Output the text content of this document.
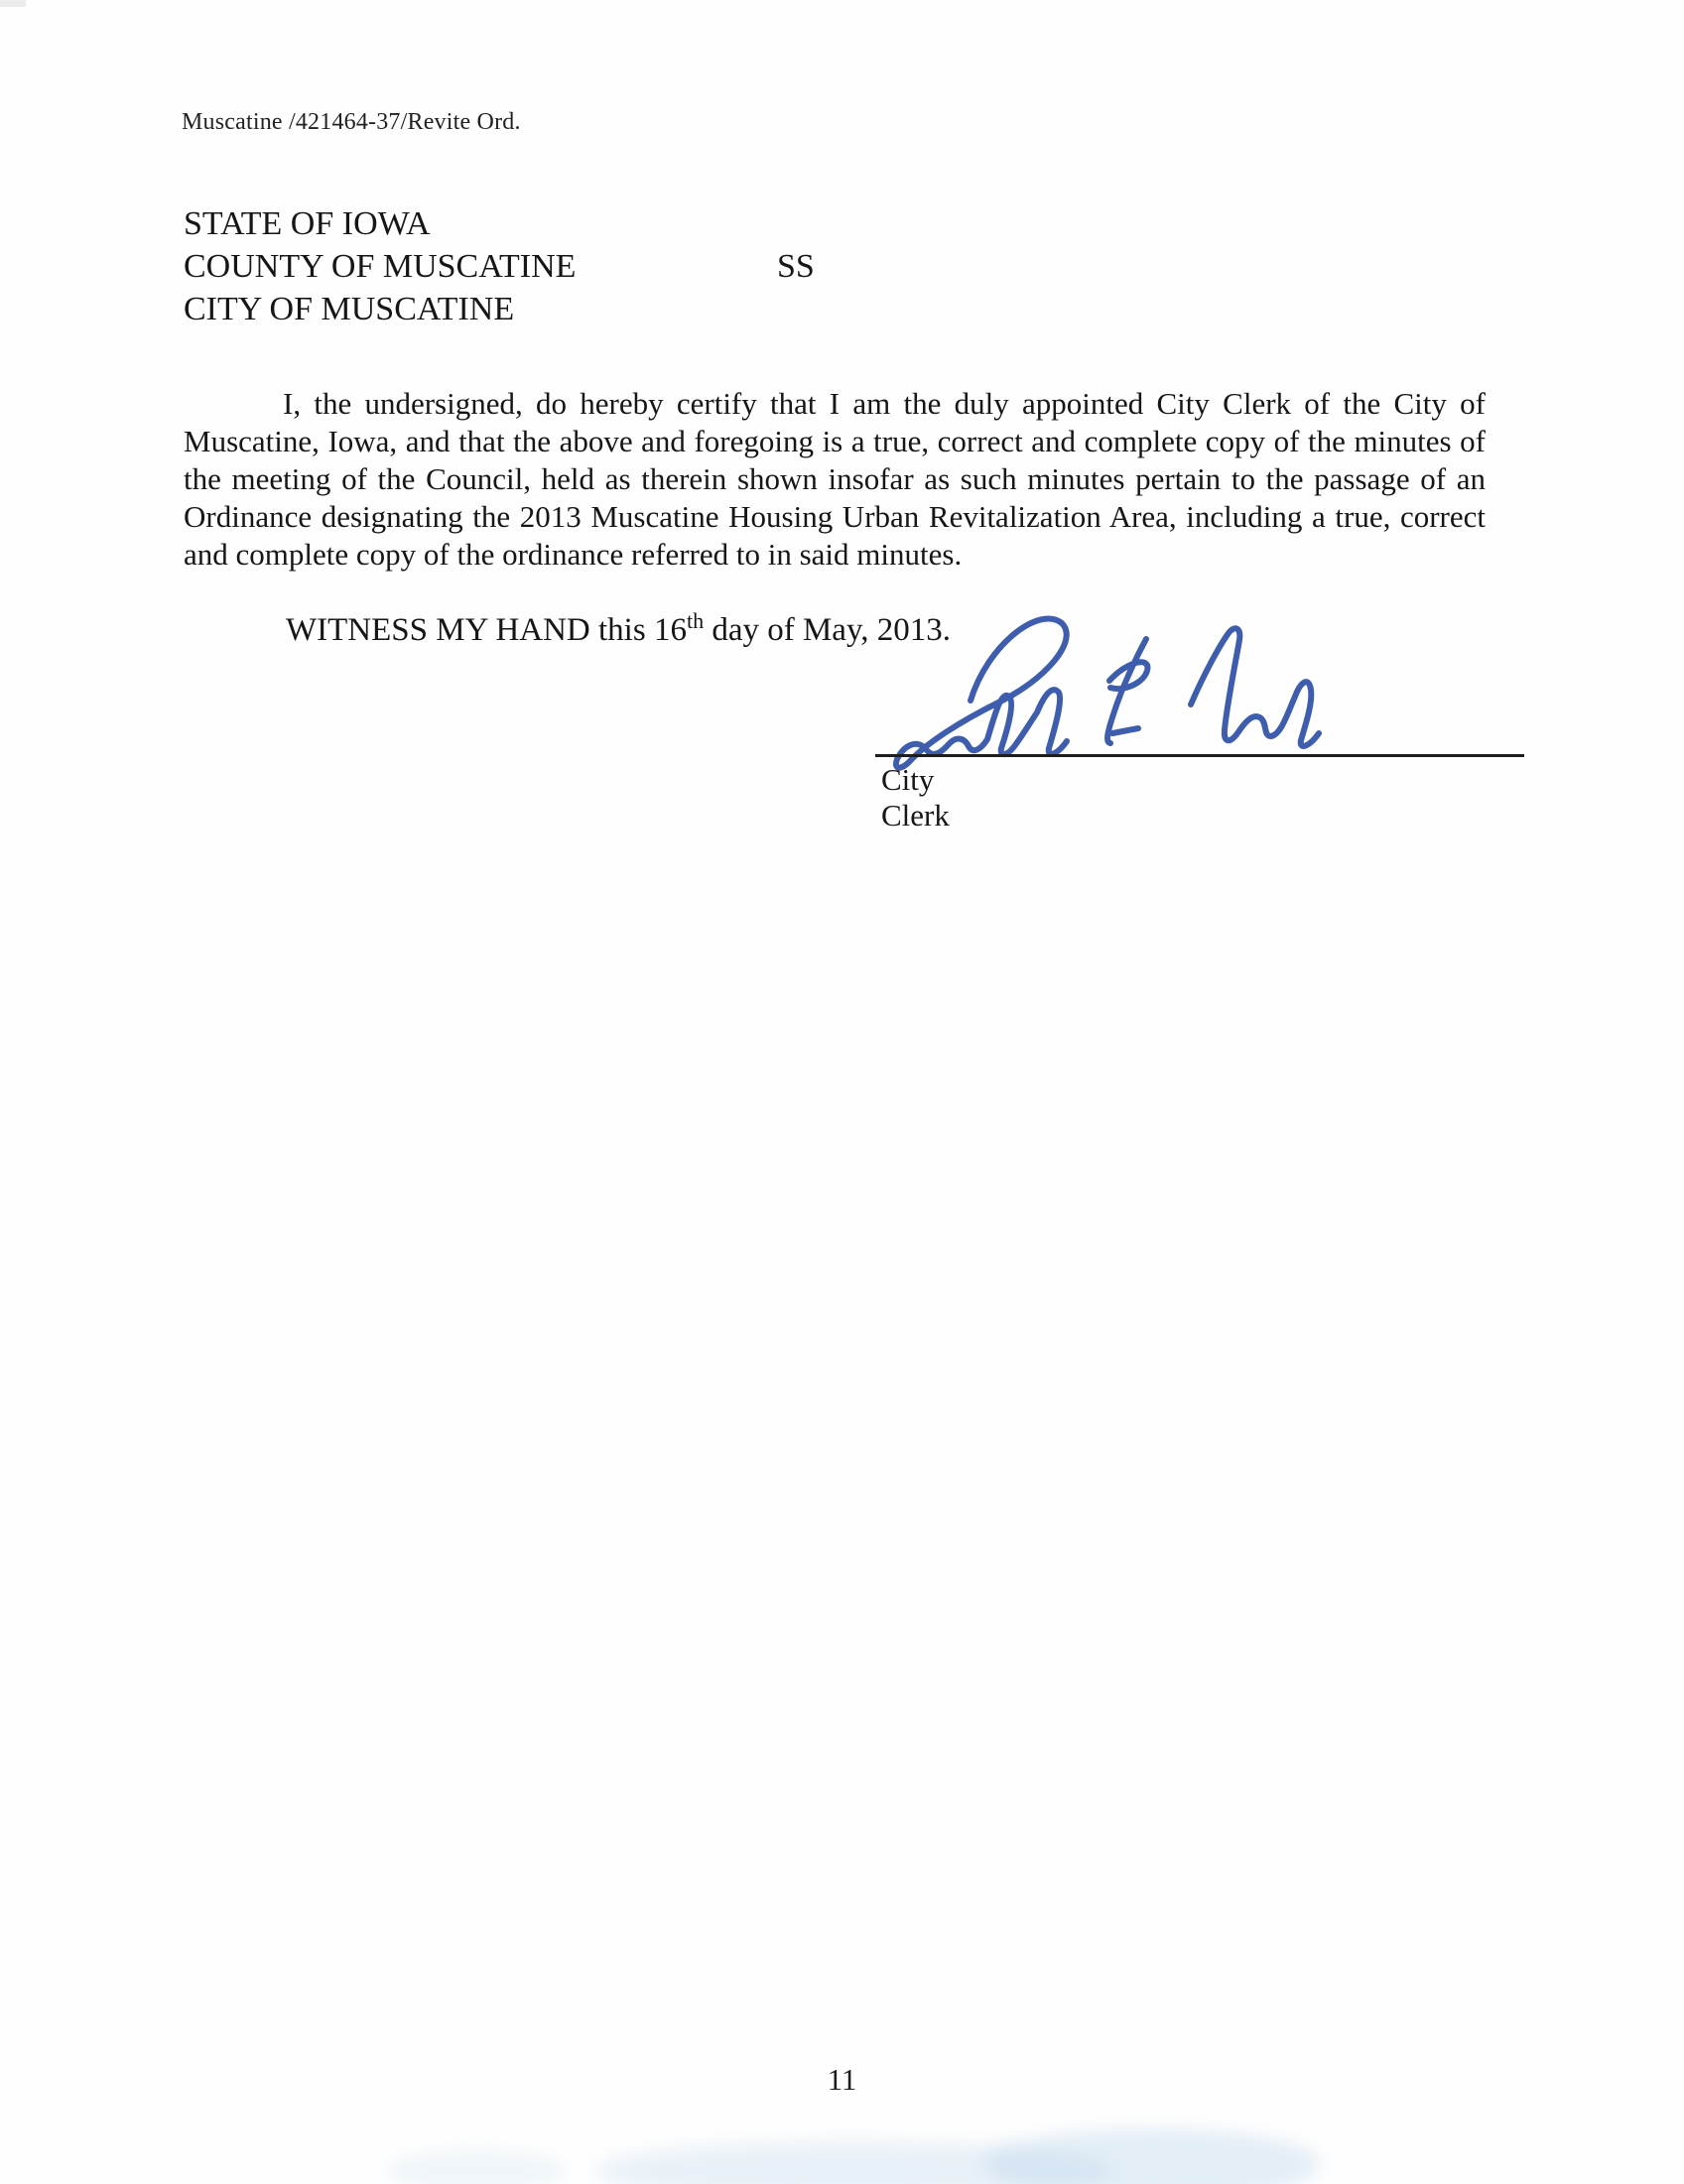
Muscatine /421464-37/Revite Ord.
STATE OF IOWA
COUNTY OF MUSCATINE
CITY OF MUSCATINE
SS
I, the undersigned, do hereby certify that I am the duly appointed City Clerk of the City of Muscatine, Iowa, and that the above and foregoing is a true, correct and complete copy of the minutes of the meeting of the Council, held as therein shown insofar as such minutes pertain to the passage of an Ordinance designating the 2013 Muscatine Housing Urban Revitalization Area, including a true, correct and complete copy of the ordinance referred to in said minutes.
WITNESS MY HAND this 16th day of May, 2013.
City Clerk
11
